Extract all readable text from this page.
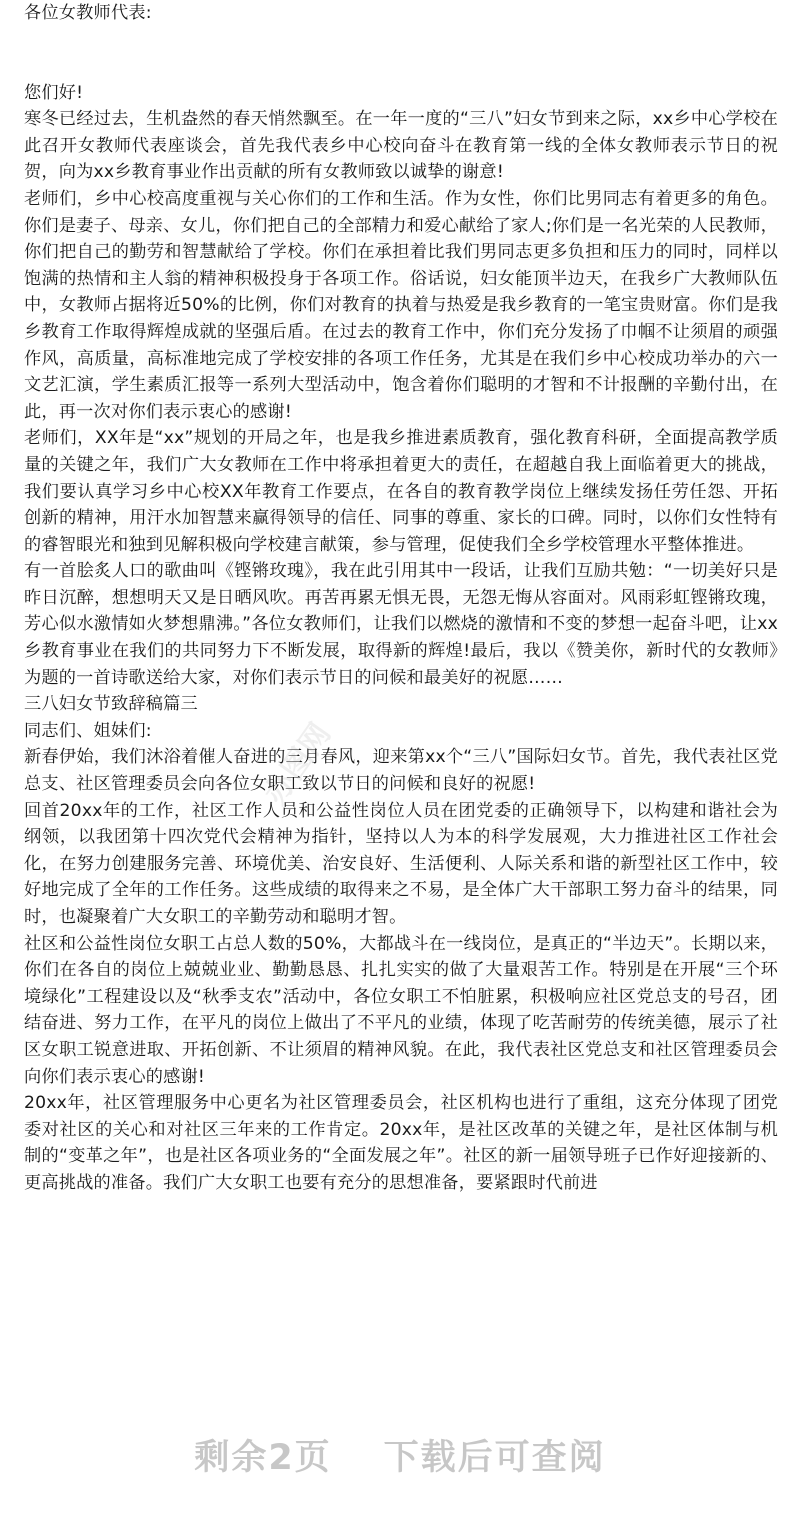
办图网

各位女教师代表:

您们好!

寒冬已经过去，生机盎然的春天悄然飘至。在一年一度的“三八”妇女节到来之际，xx乡中心学校在此召开女教师代表座谈会，首先我代表乡中心校向奋斗在教育第一线的全体女教师表示节日的祝贺，向为xx乡教育事业作出贡献的所有女教师致以诚挚的谢意!

老师们，乡中心校高度重视与关心你们的工作和生活。作为女性，你们比男同志有着更多的角色。你们是妻子、母亲、女儿，你们把自己的全部精力和爱心献给了家人;你们是一名光荣的人民教师，你们把自己的勤劳和智慧献给了学校。你们在承担着比我们男同志更多负担和压力的同时，同样以饱满的热情和主人翁的精神积极投身于各项工作。俗话说，妇女能顶半边天，在我乡广大教师队伍中，女教师占据将近50%的比例，你们对教育的执着与热爱是我乡教育的一笔宝贵财富。你们是我乡教育工作取得辉煌成就的坚强后盾。在过去的教育工作中，你们充分发扬了巾帼不让须眉的顽强作风，高质量，高标准地完成了学校安排的各项工作任务，尤其是在我们乡中心校成功举办的六一文艺汇演，学生素质汇报等一系列大型活动中，饱含着你们聪明的才智和不计报酬的辛勤付出，在此，再一次对你们表示衷心的感谢!

老师们，XX年是“xx”规划的开局之年，也是我乡推进素质教育，强化教育科研，全面提高教学质量的关键之年，我们广大女教师在工作中将承担着更大的责任，在超越自我上面临着更大的挑战，我们要认真学习乡中心校XX年教育工作要点，在各自的教育教学岗位上继续发扬任劳任怨、开拓创新的精神，用汗水加智慧来赢得领导的信任、同事的尊重、家长的口碑。同时，以你们女性特有的睿智眼光和独到见解积极向学校建言献策，参与管理，促使我们全乡学校管理水平整体推进。

有一首脍炙人口的歌曲叫《铿锵玫瑰》，我在此引用其中一段话，让我们互励共勉：“一切美好只是昨日沉醉，想想明天又是日晒风吹。再苦再累无惧无畏，无怨无悔从容面对。风雨彩虹铿锵玫瑰，芳心似水激情如火梦想鼎沸。”各位女教师们，让我们以燃烧的激情和不变的梦想一起奋斗吧，让xx乡教育事业在我们的共同努力下不断发展，取得新的辉煌!最后，我以《赞美你，新时代的女教师》为题的一首诗歌送给大家，对你们表示节日的问候和最美好的祝愿……

三八妇女节致辞稿篇三

同志们、姐妹们:

新春伊始，我们沐浴着催人奋进的三月春风，迎来第xx个“三八”国际妇女节。首先，我代表社区党总支、社区管理委员会向各位女职工致以节日的问候和良好的祝愿!

回首20xx年的工作，社区工作人员和公益性岗位人员在团党委的正确领导下，以构建和谐社会为纲领，以我团第十四次党代会精神为指针，坚持以人为本的科学发展观，大力推进社区工作社会化，在努力创建服务完善、环境优美、治安良好、生活便利、人际关系和谐的新型社区工作中，较好地完成了全年的工作任务。这些成绩的取得来之不易，是全体广大干部职工努力奋斗的结果，同时，也凝聚着广大女职工的辛勤劳动和聪明才智。

社区和公益性岗位女职工占总人数的50%，大都战斗在一线岗位，是真正的“半边天”。长期以来，你们在各自的岗位上兢兢业业、勤勤恳恳、扎扎实实的做了大量艰苦工作。特别是在开展“三个环境绿化”工程建设以及“秋季支农”活动中，各位女职工不怕脏累，积极响应社区党总支的号召，团结奋进、努力工作，在平凡的岗位上做出了不平凡的业绩，体现了吃苦耐劳的传统美德，展示了社区女职工锐意进取、开拓创新、不让须眉的精神风貌。在此，我代表社区党总支和社区管理委员会向你们表示衷心的感谢!

20xx年，社区管理服务中心更名为社区管理委员会，社区机构也进行了重组，这充分体现了团党委对社区的关心和对社区三年来的工作肯定。20xx年，是社区改革的关键之年，是社区体制与机制的“变革之年”，也是社区各项业务的“全面发展之年”。社区的新一届领导班子已作好迎接新的、更高挑战的准备。我们广大女职工也要有充分的思想准备，要紧跟时代前进

剩余2页 下载后可查阅
